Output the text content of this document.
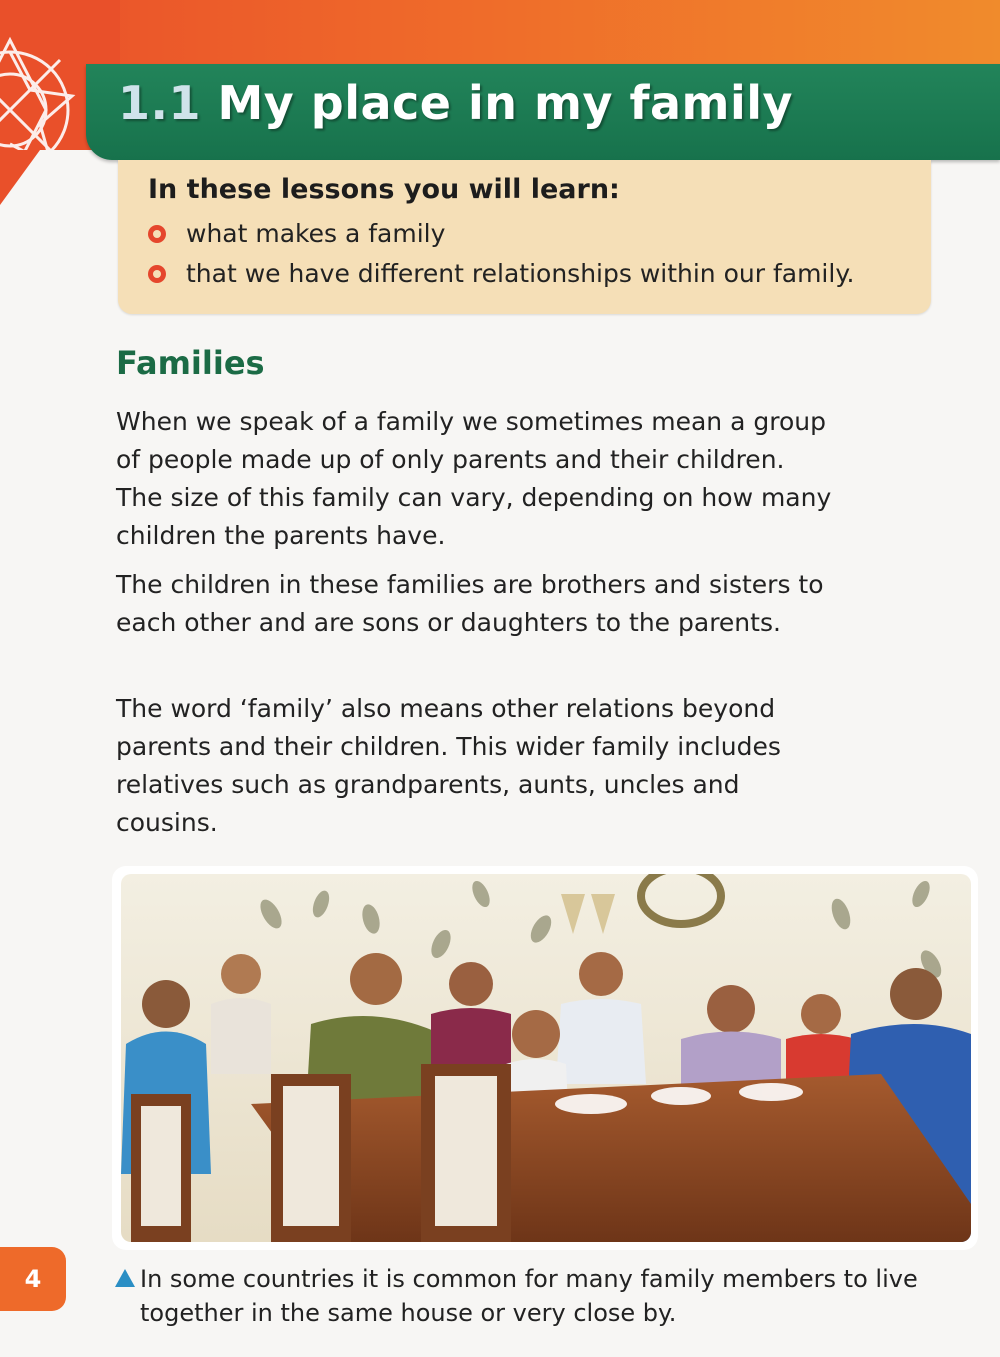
1.1 My place in my family
In these lessons you will learn:
what makes a family
that we have different relationships within our family.
Families

When we speak of a family we sometimes mean a group of people made up of only parents and their children. The size of this family can vary, depending on how many children the parents have.

The children in these families are brothers and sisters to each other and are sons or daughters to the parents.

The word ‘family’ also means other relations beyond parents and their children. This wider family includes relatives such as grandparents, aunts, uncles and cousins.

4	In some countries it is common for many family members to live together in the same house or very close by.
